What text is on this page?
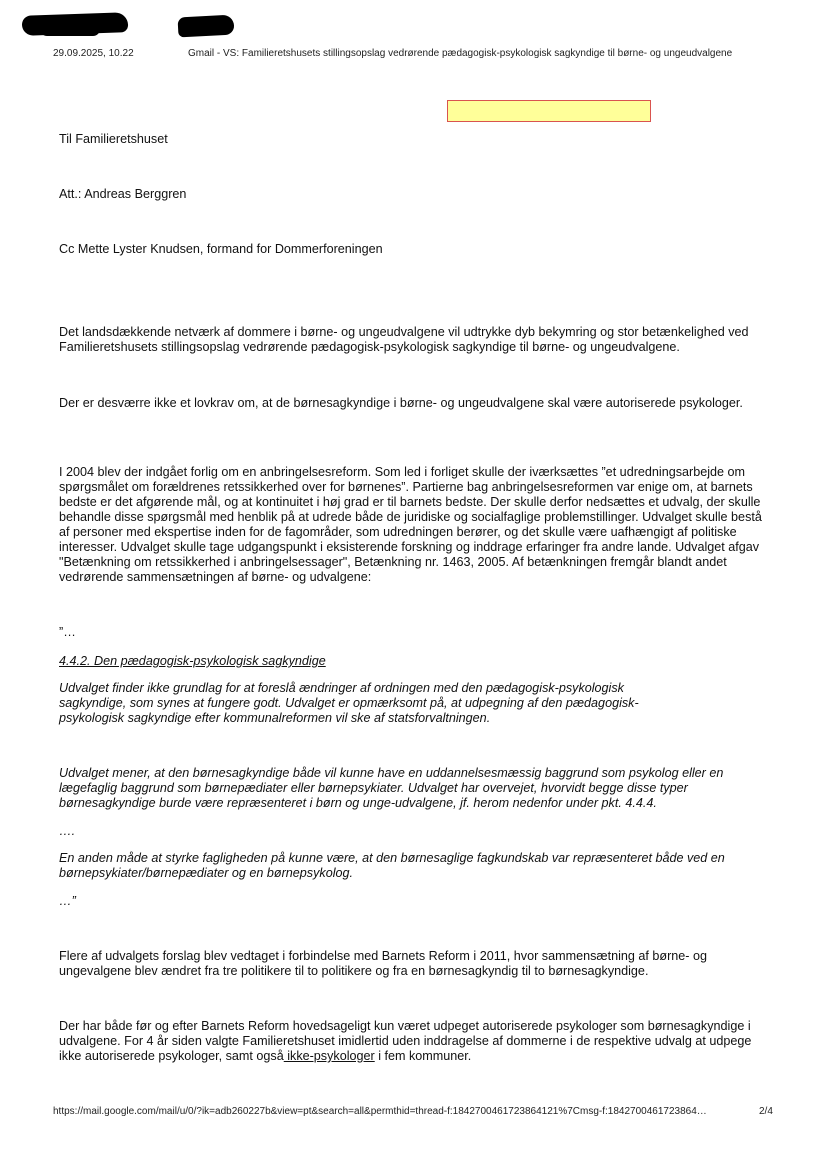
29.09.2025, 10.22	Gmail - VS: Familieretshusets stillingsopslag vedrørende pædagogisk-psykologisk sagkyndige til børne- og ungeudvalgene

Til Familieretshuset

Att.: Andreas Berggren

Cc Mette Lyster Knudsen, formand for Dommerforeningen

Det landsdækkende netværk af dommere i børne- og ungeudvalgene vil udtrykke dyb bekymring og stor betænkelighed ved Familieretshusets stillingsopslag vedrørende pædagogisk-psykologisk sagkyndige til børne- og ungeudvalgene.

Der er desværre ikke et lovkrav om, at de børnesagkyndige i børne- og ungeudvalgene skal være autoriserede psykologer.

I 2004 blev der indgået forlig om en anbringelsesreform. Som led i forliget skulle der iværksættes ”et udredningsarbejde om spørgsmålet om forældrenes retssikkerhed over for børnenes”. Partierne bag anbringelsesreformen var enige om, at barnets bedste er det afgørende mål, og at kontinuitet i høj grad er til barnets bedste. Der skulle derfor nedsættes et udvalg, der skulle behandle disse spørgsmål med henblik på at udrede både de juridiske og socialfaglige problemstillinger. Udvalget skulle bestå af personer med ekspertise inden for de fagområder, som udredningen berører, og det skulle være uafhængigt af politiske interesser. Udvalget skulle tage udgangspunkt i eksisterende forskning og inddrage erfaringer fra andre lande. Udvalget afgav "Betænkning om retssikkerhed i anbringelsessager", Betænkning nr. 1463, 2005. Af betænkningen fremgår blandt andet vedrørende sammensætningen af børne- og udvalgene:

”…

4.4.2. Den pædagogisk-psykologisk sagkyndige

Udvalget finder ikke grundlag for at foreslå ændringer af ordningen med den pædagogisk-psykologisk sagkyndige, som synes at fungere godt. Udvalget er opmærksomt på, at udpegning af den pædagogisk-psykologisk sagkyndige efter kommunalreformen vil ske af statsforvaltningen.

Udvalget mener, at den børnesagkyndige både vil kunne have en uddannelsesmæssig baggrund som psykolog eller en lægefaglig baggrund som børnepædiater eller børnepsykiater. Udvalget har overvejet, hvorvidt begge disse typer børnesagkyndige burde være repræsenteret i børn og unge-udvalgene, jf. herom nedenfor under pkt. 4.4.4.

….

En anden måde at styrke fagligheden på kunne være, at den børnesaglige fagkundskab var repræsenteret både ved en børnepsykiater/børnepædiater og en børnepsykolog.

…”

Flere af udvalgets forslag blev vedtaget i forbindelse med Barnets Reform i 2011, hvor sammensætning af børne- og ungevalgene blev ændret fra tre politikere til to politikere og fra en børnesagkyndig til to børnesagkyndige.

Der har både før og efter Barnets Reform hovedsageligt kun været udpeget autoriserede psykologer som børnesagkyndige i udvalgene. For 4 år siden valgte Familieretshuset imidlertid uden inddragelse af dommerne i de respektive udvalg at udpege ikke autoriserede psykologer, samt også ikke-psykologer i fem kommuner.

https://mail.google.com/mail/u/0/?ik=adb260227b&view=pt&search=all&permthid=thread-f:1842700461723864121%7Cmsg-f:1842700461723864…	2/4
